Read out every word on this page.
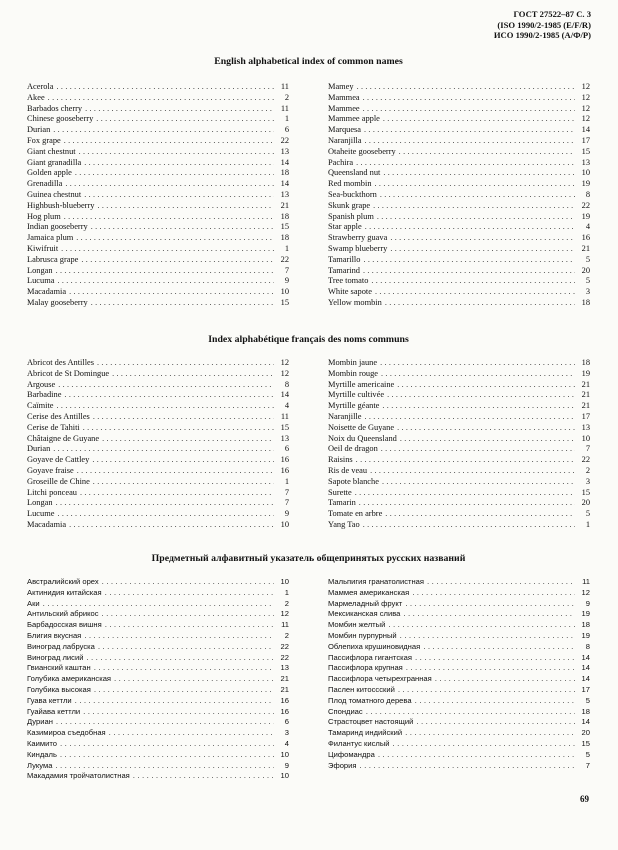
ГОСТ 27522–87 С. 3
(ISO 1990/2-1985 (E/F/R)
ИСО 1990/2-1985 (А/Ф/Р)
English alphabetical index of common names
Acerola .....	11
Akee .....	2
Barbados cherry .....	11
Chinese gooseberry .....	1
Durian .....	6
Fox grape .....	22
Giant chestnut .....	13
Giant granadilla .....	14
Golden apple .....	18
Grenadilla .....	14
Guinea chestnut .....	13
Highbush-blueberry .....	21
Hog plum .....	18
Indian gooseberry .....	15
Jamaica plum .....	18
Kiwifruit .....	1
Labrusca grape .....	22
Longan .....	7
Lucuma .....	9
Macadamia .....	10
Malay gooseberry .....	15
Mamey .....	12
Mammea .....	12
Mammee .....	12
Mammee apple .....	12
Marquesa .....	14
Naranjilla .....	17
Otaheite gooseberry .....	15
Pachira .....	13
Queensland nut .....	10
Red mombin .....	19
Sea-buckthorn .....	8
Skunk grape .....	22
Spanish plum .....	19
Star apple .....	4
Strawberry guava .....	16
Swamp blueberry .....	21
Tamarillo .....	5
Tamarind .....	20
Tree tomato .....	5
White sapote .....	3
Yellow mombin .....	18
Index alphabétique français des noms communs
Abricot des Antilles .....	12
Abricot de St Domingue .....	12
Argouse .....	8
Barbadine .....	14
Caïmite .....	4
Cerise des Antilles .....	11
Cerise de Tahiti .....	15
Châtaigne de Guyane .....	13
Durian .....	6
Goyave de Cattley .....	16
Goyave fraise .....	16
Groseille de Chine .....	1
Litchi ponceau .....	7
Longan .....	7
Lucume .....	9
Macadamia .....	10
Mombin jaune .....	18
Mombin rouge .....	19
Myrtille americaine .....	21
Myrtille cultivée .....	21
Myrtille géante .....	21
Naranjille .....	17
Noisette de Guyane .....	13
Noix du Queensland .....	10
Oeil de dragon .....	7
Raisins .....	22
Ris de veau .....	2
Sapote blanche .....	3
Surette .....	15
Tamarin .....	20
Tomate en arbre .....	5
Yang Tao .....	1
Предметный алфавитный указатель общепринятых русских названий
Австралийский орех .....	10
Актинидия китайская .....	1
Аки .....	2
Антильский абрикос .....	12
Барбадосская вишня .....	11
Блигия вкусная .....	2
Виноград лабруска .....	22
Виноград лисий .....	22
Гвианский каштан .....	13
Голубика американская .....	21
Голубика высокая .....	21
Гуава кеттли .....	16
Гуайава кеттли .....	16
Дуриан .....	6
Казимироа съедобная .....	3
Каимито .....	4
Киндаль .....	10
Лукума .....	9
Макадамия тройчатолистная .....	10
Мальпигия гранатолистная .....	11
Маммея американская .....	12
Мармеладный фрукт .....	9
Мексиканская слива .....	19
Момбин желтый .....	18
Момбин пурпурный .....	19
Облепиха крушиновидная .....	8
Пассифлора гигантская .....	14
Пассифлора крупная .....	14
Пассифлора четырехгранная .....	14
Паслен китоссский .....	17
Плод томатного дерева .....	5
Спондиас .....	18
Страстоцвет настоящий .....	14
Тамаринд индийский .....	20
Филантус кислый .....	15
Цифомандра .....	5
Эфория .....	7
69
